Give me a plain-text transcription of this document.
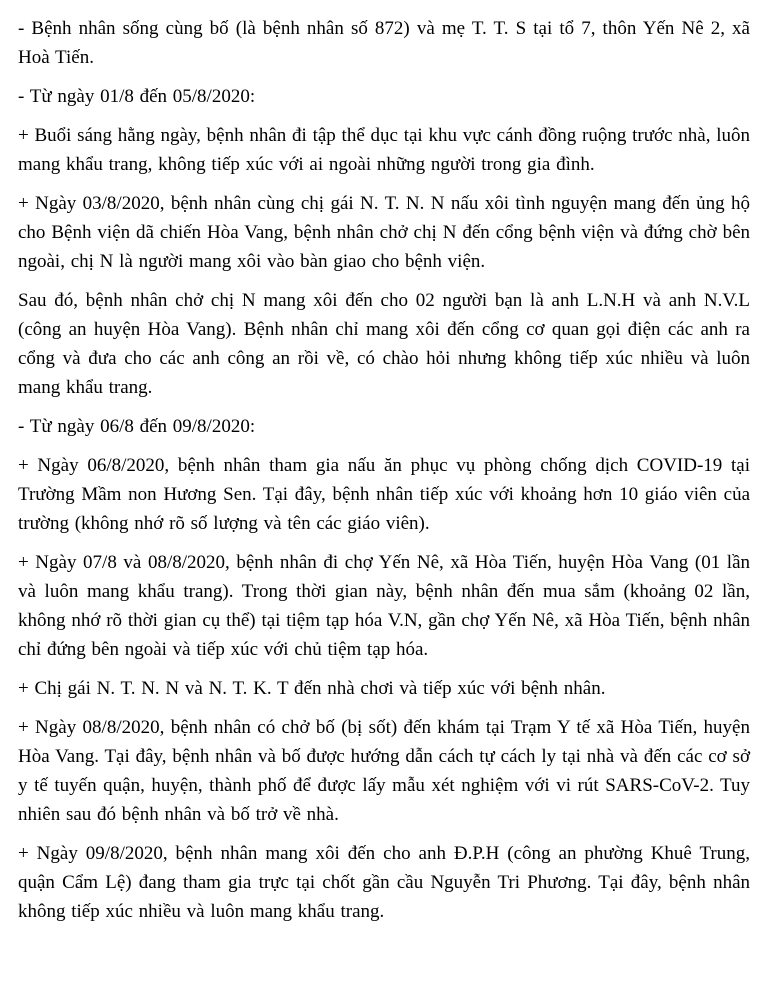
- Bệnh nhân sống cùng bố (là bệnh nhân số 872) và mẹ T. T. S tại tổ 7, thôn Yến Nê 2, xã Hoà Tiến.

- Từ ngày 01/8 đến 05/8/2020:

+ Buổi sáng hằng ngày, bệnh nhân đi tập thể dục tại khu vực cánh đồng ruộng trước nhà, luôn mang khẩu trang, không tiếp xúc với ai ngoài những người trong gia đình.

+ Ngày 03/8/2020, bệnh nhân cùng chị gái N. T. N. N nấu xôi tình nguyện mang đến ủng hộ cho Bệnh viện dã chiến Hòa Vang, bệnh nhân chở chị N đến cổng bệnh viện và đứng chờ bên ngoài, chị N là người mang xôi vào bàn giao cho bệnh viện.

Sau đó, bệnh nhân chở chị N mang xôi đến cho 02 người bạn là anh L.N.H và anh N.V.L (công an huyện Hòa Vang). Bệnh nhân chỉ mang xôi đến cổng cơ quan gọi điện các anh ra cổng và đưa cho các anh công an rồi về, có chào hỏi nhưng không tiếp xúc nhiều và luôn mang khẩu trang.

- Từ ngày 06/8 đến 09/8/2020:

+ Ngày 06/8/2020, bệnh nhân tham gia nấu ăn phục vụ phòng chống dịch COVID-19 tại Trường Mầm non Hương Sen. Tại đây, bệnh nhân tiếp xúc với khoảng hơn 10 giáo viên của trường (không nhớ rõ số lượng và tên các giáo viên).

+ Ngày 07/8 và 08/8/2020, bệnh nhân đi chợ Yến Nê, xã Hòa Tiến, huyện Hòa Vang (01 lần và luôn mang khẩu trang). Trong thời gian này, bệnh nhân đến mua sắm (khoảng 02 lần, không nhớ rõ thời gian cụ thể) tại tiệm tạp hóa V.N, gần chợ Yến Nê, xã Hòa Tiến, bệnh nhân chỉ đứng bên ngoài và tiếp xúc với chủ tiệm tạp hóa.

+ Chị gái N. T. N. N và N. T. K. T đến nhà chơi và tiếp xúc với bệnh nhân.

+ Ngày 08/8/2020, bệnh nhân có chở bố (bị sốt) đến khám tại Trạm Y tế xã Hòa Tiến, huyện Hòa Vang. Tại đây, bệnh nhân và bố được hướng dẫn cách tự cách ly tại nhà và đến các cơ sở y tế tuyến quận, huyện, thành phố để được lấy mẫu xét nghiệm với vi rút SARS-CoV-2. Tuy nhiên sau đó bệnh nhân và bố trở về nhà.

+ Ngày 09/8/2020, bệnh nhân mang xôi đến cho anh Đ.P.H (công an phường Khuê Trung, quận Cẩm Lệ) đang tham gia trực tại chốt gần cầu Nguyễn Tri Phương. Tại đây, bệnh nhân không tiếp xúc nhiều và luôn mang khẩu trang.
